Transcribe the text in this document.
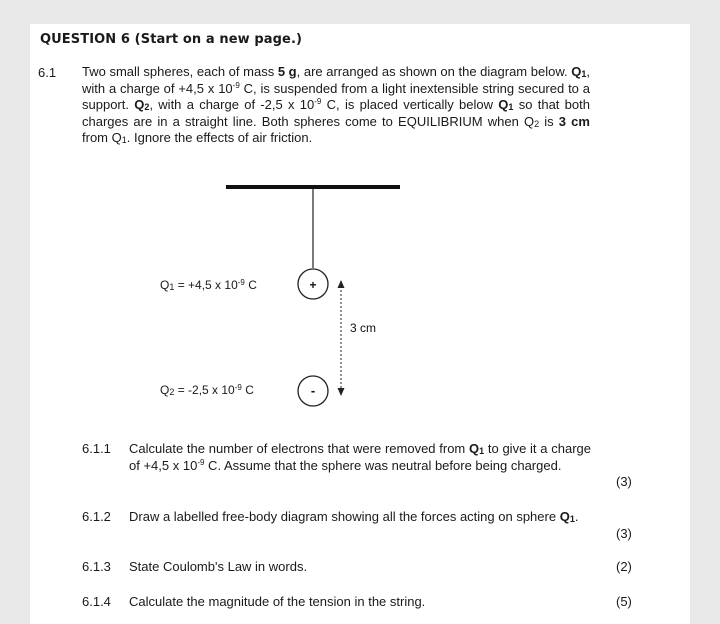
QUESTION 6 (Start on a new page.)
6.1 Two small spheres, each of mass 5 g, are arranged as shown on the diagram below. $Q_1$, with a charge of +4,5 x $10^{-9}$ C, is suspended from a light inextensible string secured to a support. $Q_2$, with a charge of -2,5 x $10^{-9}$ C, is placed vertically below $Q_1$ so that both charges are in a straight line. Both spheres come to EQUILIBRIUM when $Q_2$ is 3 cm from $Q_1$. Ignore the effects of air friction.
+
-
3 cm
$Q_1 = +4,5$ x $10^{-9}$ C
$Q_2 = -2,5$ x $10^{-9}$ C
6.1.1 Calculate the number of electrons that were removed from $Q_1$ to give it a charge of +4,5 x $10^{-9}$ C. Assume that the sphere was neutral before being charged.
(3)
6.1.2 Draw a labelled free-body diagram showing all the forces acting on sphere $Q_1$.
(3)
6.1.3 State Coulomb's Law in words.	(2)
6.1.4 Calculate the magnitude of the tension in the string.	(5)
